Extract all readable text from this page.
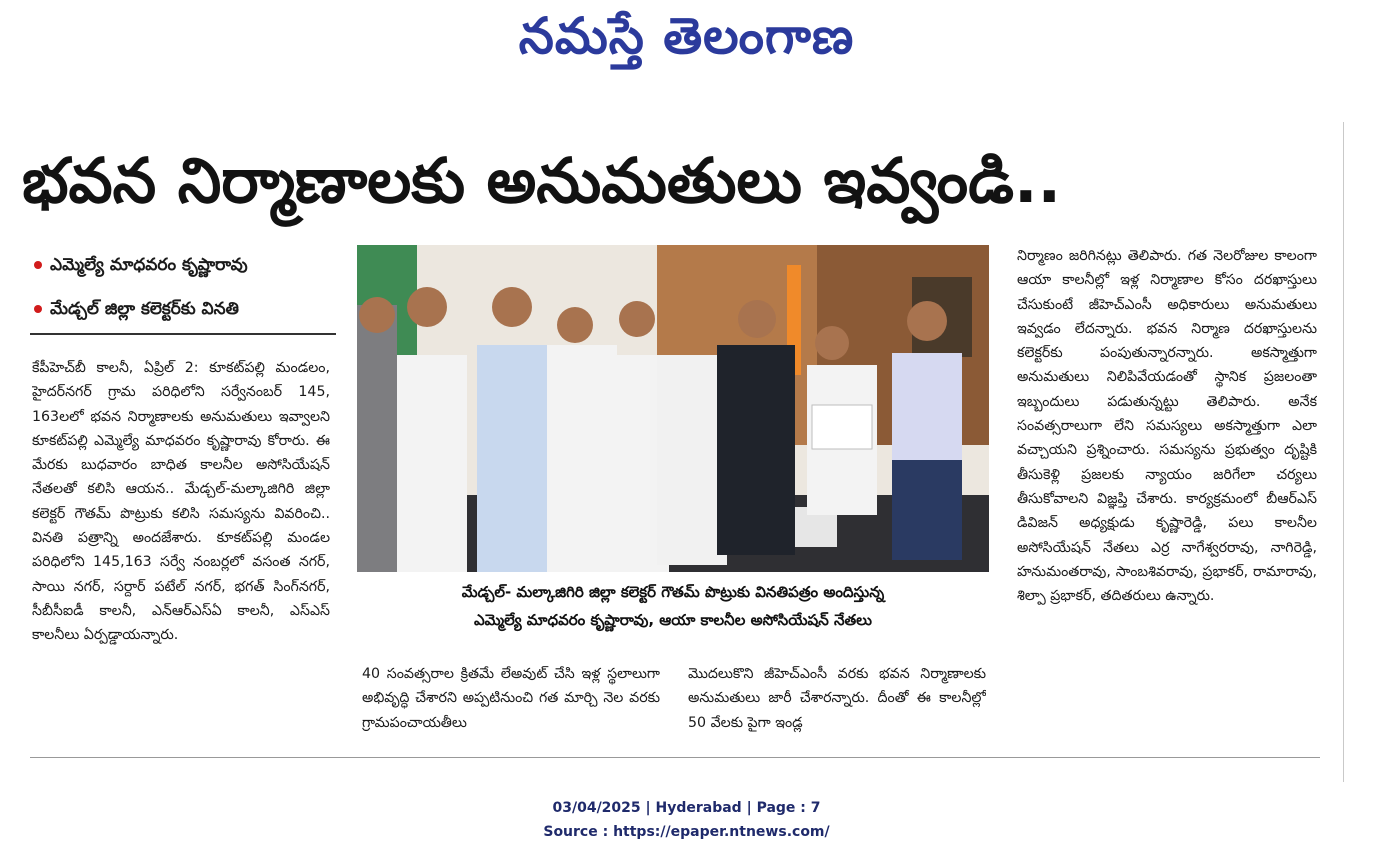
నమస్తే తెలంగాణ
భవన నిర్మాణాలకు అనుమతులు ఇవ్వండి..
ఎమ్మెల్యే మాధవరం కృష్ణారావు
మేడ్చల్‌ జిల్లా కలెక్టర్‌కు వినతి

కేపీహెచ్‌బీ కాలనీ, ఏప్రిల్‌ 2: కూకట్‌పల్లి మండలం, హైదర్‌నగర్‌ గ్రామ పరిధిలోని సర్వేనంబర్‌ 145, 163లలో భవన నిర్మాణాలకు అనుమతులు ఇవ్వాలని కూకట్‌పల్లి ఎమ్మెల్యే మాధవరం కృష్ణారావు కోరారు. ఈ మేరకు బుధవారం బాధిత కాలనీల అసోసియేషన్‌ నేతలతో కలిసి ఆయన.. మేడ్చల్‌-మల్కాజిగిరి జిల్లా కలెక్టర్‌ గౌతమ్‌ పొట్రుకు కలిసి సమస్యను వివరించి.. వినతి పత్రాన్ని అందజేశారు. కూకట్‌పల్లి మండల పరిధిలోని 145,163 సర్వే నంబర్లలో వసంత నగర్‌, సాయి నగర్‌, సర్దార్‌ పటేల్‌ నగర్‌, భగత్‌ సింగ్‌నగర్‌, సీబీసీఐడీ కాలనీ, ఎన్‌ఆర్‌ఎస్‌ఏ కాలనీ, ఎస్‌ఎస్‌ కాలనీలు ఏర్పడ్డాయన్నారు.

మేడ్చల్‌- మల్కాజిగిరి జిల్లా కలెక్టర్‌ గౌతమ్‌ పొట్రుకు వినతిపత్రం అందిస్తున్న
ఎమ్మెల్యే మాధవరం కృష్ణారావు, ఆయా కాలనీల అసోసియేషన్‌ నేతలు

40 సంవత్సరాల క్రితమే లేఅవుట్‌ చేసి ఇళ్ల స్థలాలుగా అభివృద్ధి చేశారని అప్పటినుంచి గత మార్చి నెల వరకు గ్రామపంచాయతీలు

మొదలుకొని జీహెచ్‌ఎంసీ వరకు భవన నిర్మాణాలకు అనుమతులు జారీ చేశారన్నారు. దీంతో ఈ కాలనీల్లో 50 వేలకు పైగా ఇండ్ల

నిర్మాణం జరిగినట్లు తెలిపారు. గత నెలరోజుల కాలంగా ఆయా కాలనీల్లో ఇళ్ల నిర్మాణాల కోసం దరఖాస్తులు చేసుకుంటే జీహెచ్‌ఎంసీ అధికారులు అనుమతులు ఇవ్వడం లేదన్నారు. భవన నిర్మాణ దరఖాస్తులను కలెక్టర్‌కు పంపుతున్నారన్నారు. అకస్మాత్తుగా అనుమతులు నిలిపివేయడంతో స్థానిక ప్రజలంతా ఇబ్బందులు పడుతున్నట్టు తెలిపారు. అనేక సంవత్సరాలుగా లేని సమస్యలు అకస్మాత్తుగా ఎలా వచ్చాయని ప్రశ్నించారు. సమస్యను ప్రభుత్వం దృష్టికి తీసుకెళ్లి ప్రజలకు న్యాయం జరిగేలా చర్యలు తీసుకోవాలని విజ్ఞప్తి చేశారు. కార్యక్రమంలో బీఆర్‌ఎస్‌ డివిజన్‌ అధ్యక్షుడు కృష్ణారెడ్డి, పలు కాలనీల అసోసియేషన్‌ నేతలు ఎర్ర నాగేశ్వరరావు, నాగిరెడ్డి, హనుమంతరావు, సాంబశివరావు, ప్రభాకర్‌, రామారావు, శిల్పా ప్రభాకర్‌, తదితరులు ఉన్నారు.

03/04/2025 | Hyderabad | Page : 7
Source : https://epaper.ntnews.com/
